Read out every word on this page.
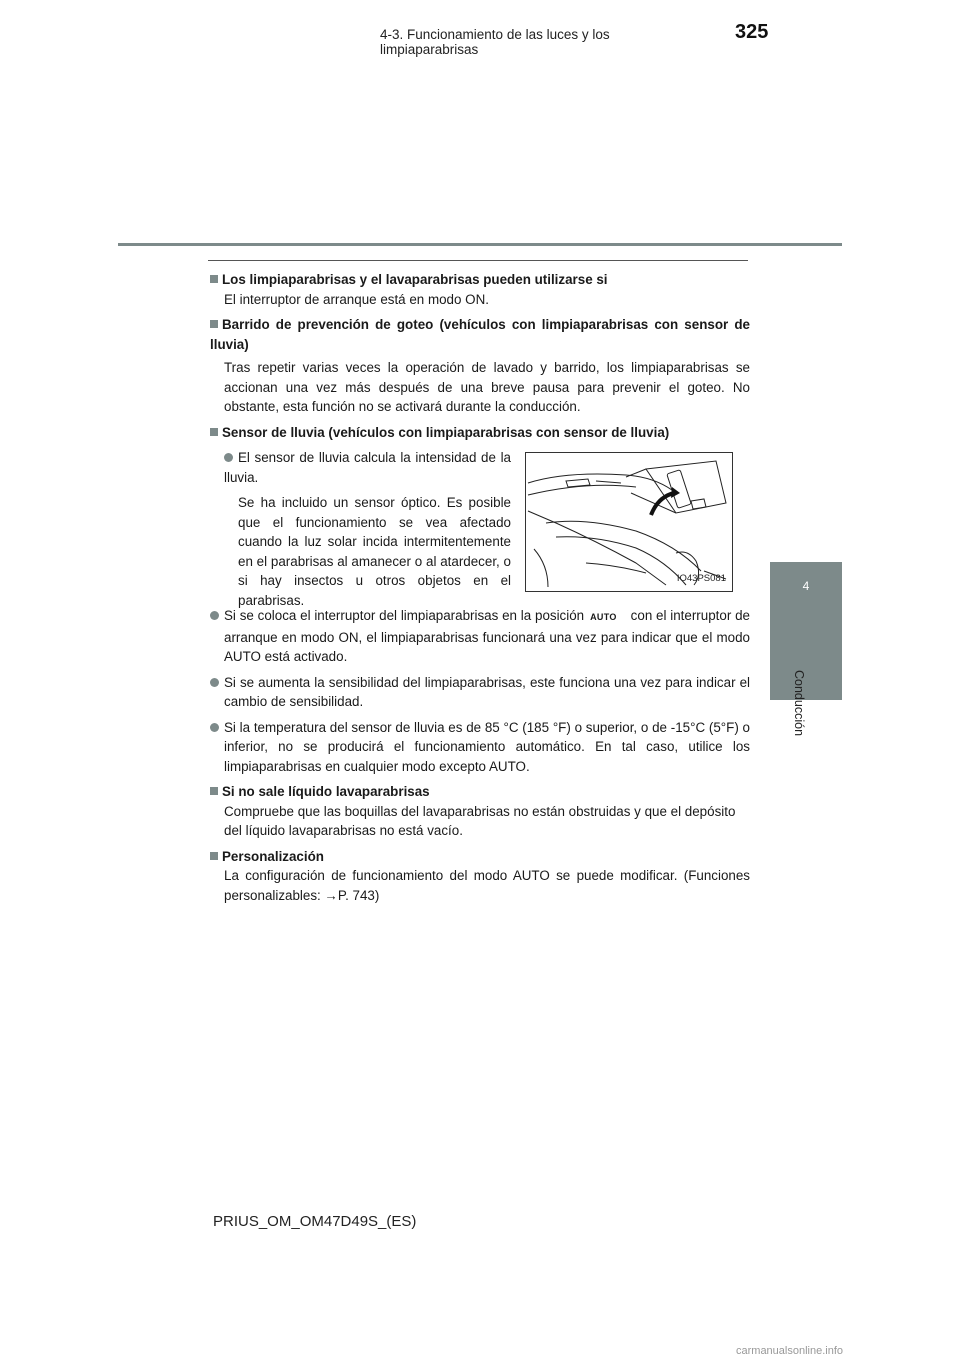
4-3. Funcionamiento de las luces y los limpiaparabrisas
325
4
Conducción

Los limpiaparabrisas y el lavaparabrisas pueden utilizarse si

El interruptor de arranque está en modo ON.

Barrido de prevención de goteo (vehículos con limpiaparabrisas con sensor de lluvia)

Tras repetir varias veces la operación de lavado y barrido, los limpiaparabrisas se accionan una vez más después de una breve pausa para prevenir el goteo. No obstante, esta función no se activará durante la conducción.

Sensor de lluvia (vehículos con limpiaparabrisas con sensor de lluvia)

El sensor de lluvia calcula la intensidad de la lluvia.

Se ha incluido un sensor óptico. Es posible que el funcionamiento se vea afectado cuando la luz solar incida intermitentemente en el parabrisas al amanecer o al atardecer, o si hay insectos u otros objetos en el parabrisas.

IO43PS081

Si se coloca el interruptor del limpiaparabrisas en la posición AUTO con el interruptor de arranque en modo ON, el limpiaparabrisas funcionará una vez para indicar que el modo AUTO está activado.

Si se aumenta la sensibilidad del limpiaparabrisas, este funciona una vez para indicar el cambio de sensibilidad.

Si la temperatura del sensor de lluvia es de 85 °C (185 °F) o superior, o de -15°C (5°F) o inferior, no se producirá el funcionamiento automático. En tal caso, utilice los limpiaparabrisas en cualquier modo excepto AUTO.

Si no sale líquido lavaparabrisas

Compruebe que las boquillas del lavaparabrisas no están obstruidas y que el depósito del líquido lavaparabrisas no está vacío.

Personalización

La configuración de funcionamiento del modo AUTO se puede modificar. (Funciones personalizables: →P. 743)

PRIUS_OM_OM47D49S_(ES)
carmanualsonline.info
